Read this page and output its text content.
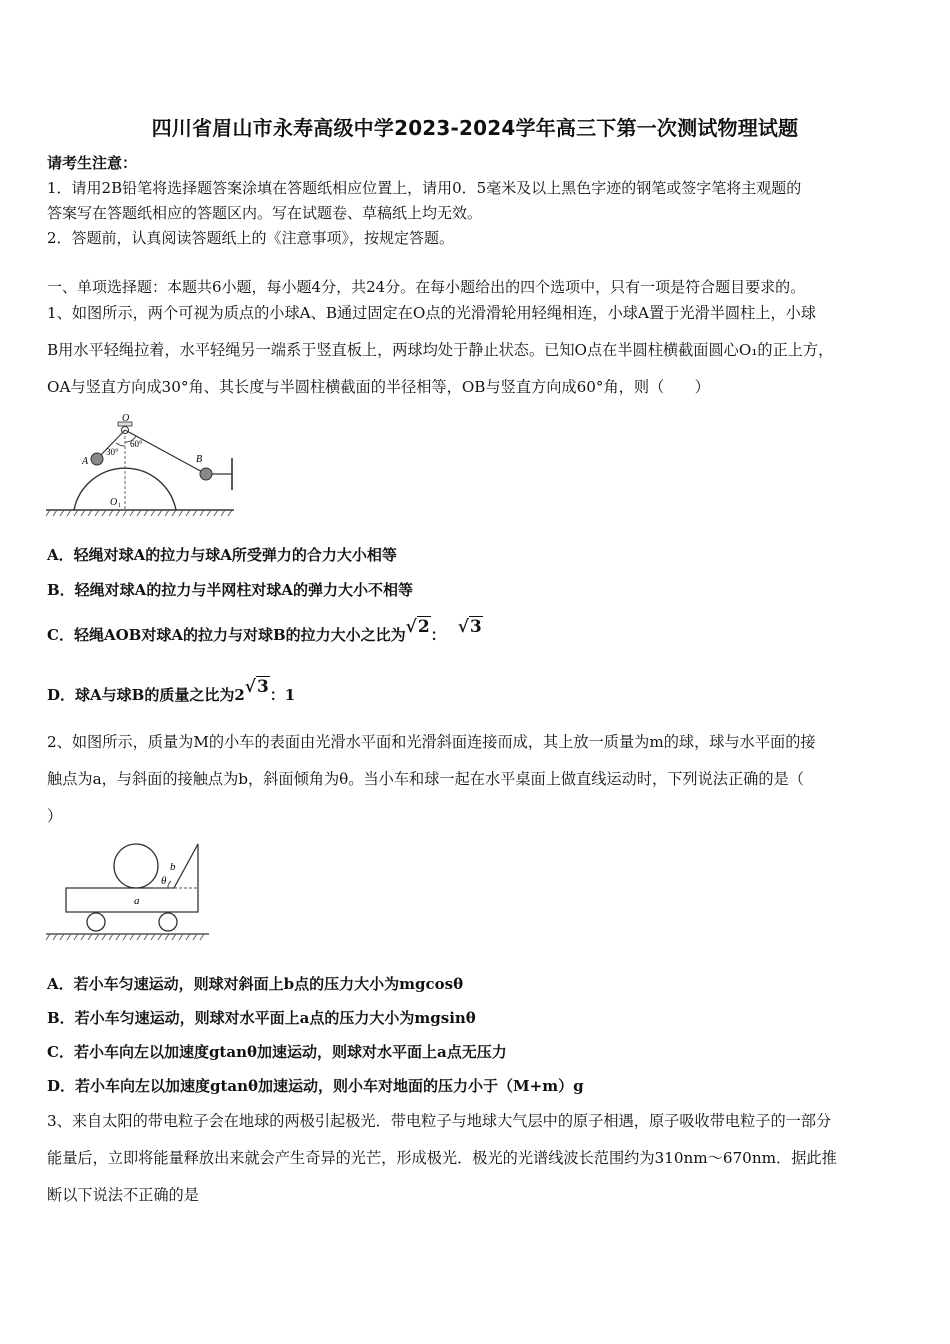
四川省眉山市永寿高级中学2023-2024学年高三下第一次测试物理试题
请考生注意：
1．请用2B铅笔将选择题答案涂填在答题纸相应位置上，请用0．5毫米及以上黑色字迹的钢笔或签字笔将主观题的
答案写在答题纸相应的答题区内。写在试题卷、草稿纸上均无效。
2．答题前，认真阅读答题纸上的《注意事项》，按规定答题。
一、单项选择题：本题共6小题，每小题4分，共24分。在每小题给出的四个选项中，只有一项是符合题目要求的。
1、如图所示，两个可视为质点的小球A、B通过固定在O点的光滑滑轮用轻绳相连，小球A置于光滑半圆柱上，小球
B用水平轻绳拉着，水平轻绳另一端系于竖直板上，两球均处于静止状态。已知O点在半圆柱横截面圆心O₁的正上方，
OA与竖直方向成30°角、其长度与半圆柱横截面的半径相等，OB与竖直方向成60°角，则（　　）
O
60°
30°
A	B
O 1
A．轻绳对球A的拉力与球A所受弹力的合力大小相等
B．轻绳对球A的拉力与半网柱对球A的弹力大小不相等
C．轻绳AOB对球A的拉力与对球B的拉力大小之比为√2： √3
D．球A与球B的质量之比为2√3：1
2、如图所示，质量为M的小车的表面由光滑水平面和光滑斜面连接而成，其上放一质量为m的球，球与水平面的接
触点为a，与斜面的接触点为b，斜面倾角为θ。当小车和球一起在水平桌面上做直线运动时，下列说法正确的是（
）
θ
b
a
A．若小车匀速运动，则球对斜面上b点的压力大小为mgcosθ
B．若小车匀速运动，则球对水平面上a点的压力大小为mgsinθ
C．若小车向左以加速度gtanθ加速运动，则球对水平面上a点无压力
D．若小车向左以加速度gtanθ加速运动，则小车对地面的压力小于（M+m）g
3、来自太阳的带电粒子会在地球的两极引起极光．带电粒子与地球大气层中的原子相遇，原子吸收带电粒子的一部分
能量后，立即将能量释放出来就会产生奇异的光芒，形成极光．极光的光谱线波长范围约为310nm～670nm．据此推
断以下说法不正确的是
